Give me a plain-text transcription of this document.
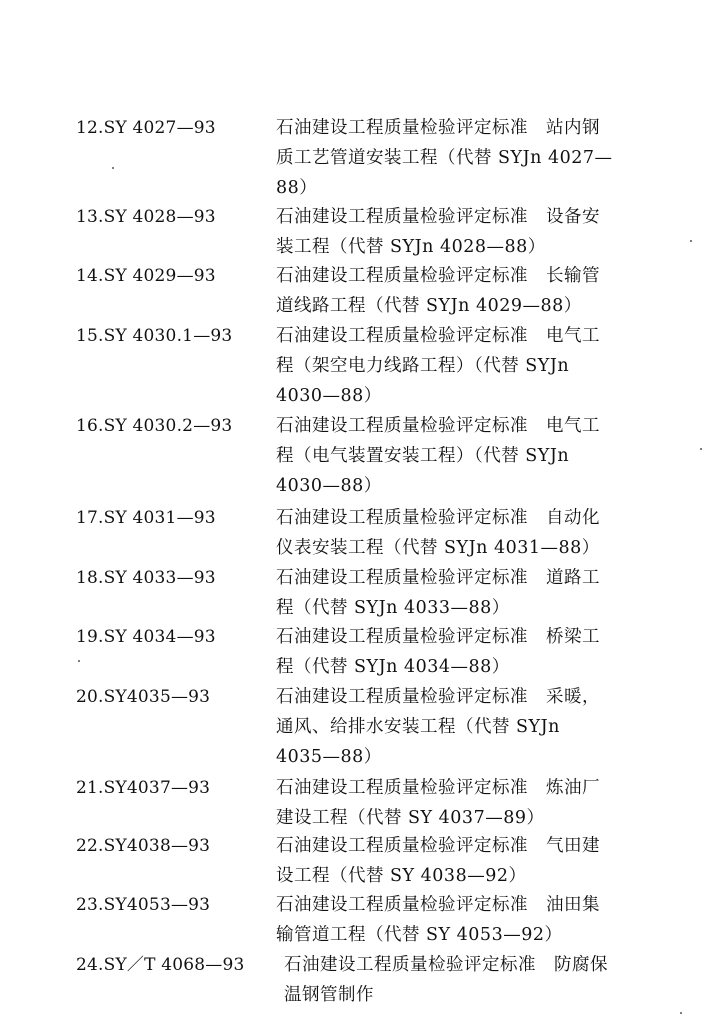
12.SY 4027—93	石油建设工程质量检验评定标准　站内钢
质工艺管道安装工程（代替 SYJn 4027—
88）
13.SY 4028—93	石油建设工程质量检验评定标准　设备安
装工程（代替 SYJn 4028—88）
14.SY 4029—93	石油建设工程质量检验评定标准　长输管
道线路工程（代替 SYJn 4029—88）
15.SY 4030.1—93	石油建设工程质量检验评定标准　电气工
程（架空电力线路工程）（代替 SYJn
4030—88）
16.SY 4030.2—93	石油建设工程质量检验评定标准　电气工
程（电气装置安装工程）（代替 SYJn
4030—88）
17.SY 4031—93	石油建设工程质量检验评定标准　自动化
仪表安装工程（代替 SYJn 4031—88）
18.SY 4033—93	石油建设工程质量检验评定标准　道路工
程（代替 SYJn 4033—88）
19.SY 4034—93	石油建设工程质量检验评定标准　桥梁工
程（代替 SYJn 4034—88）
20.SY4035—93	石油建设工程质量检验评定标准　采暖，
通风、给排水安装工程（代替 SYJn
4035—88）
21.SY4037—93	石油建设工程质量检验评定标准　炼油厂
建设工程（代替 SY 4037—89）
22.SY4038—93	石油建设工程质量检验评定标准　气田建
设工程（代替 SY 4038—92）
23.SY4053—93	石油建设工程质量检验评定标准　油田集
输管道工程（代替 SY 4053—92）
24.SY／T 4068—93	石油建设工程质量检验评定标准　防腐保
温钢管制作
